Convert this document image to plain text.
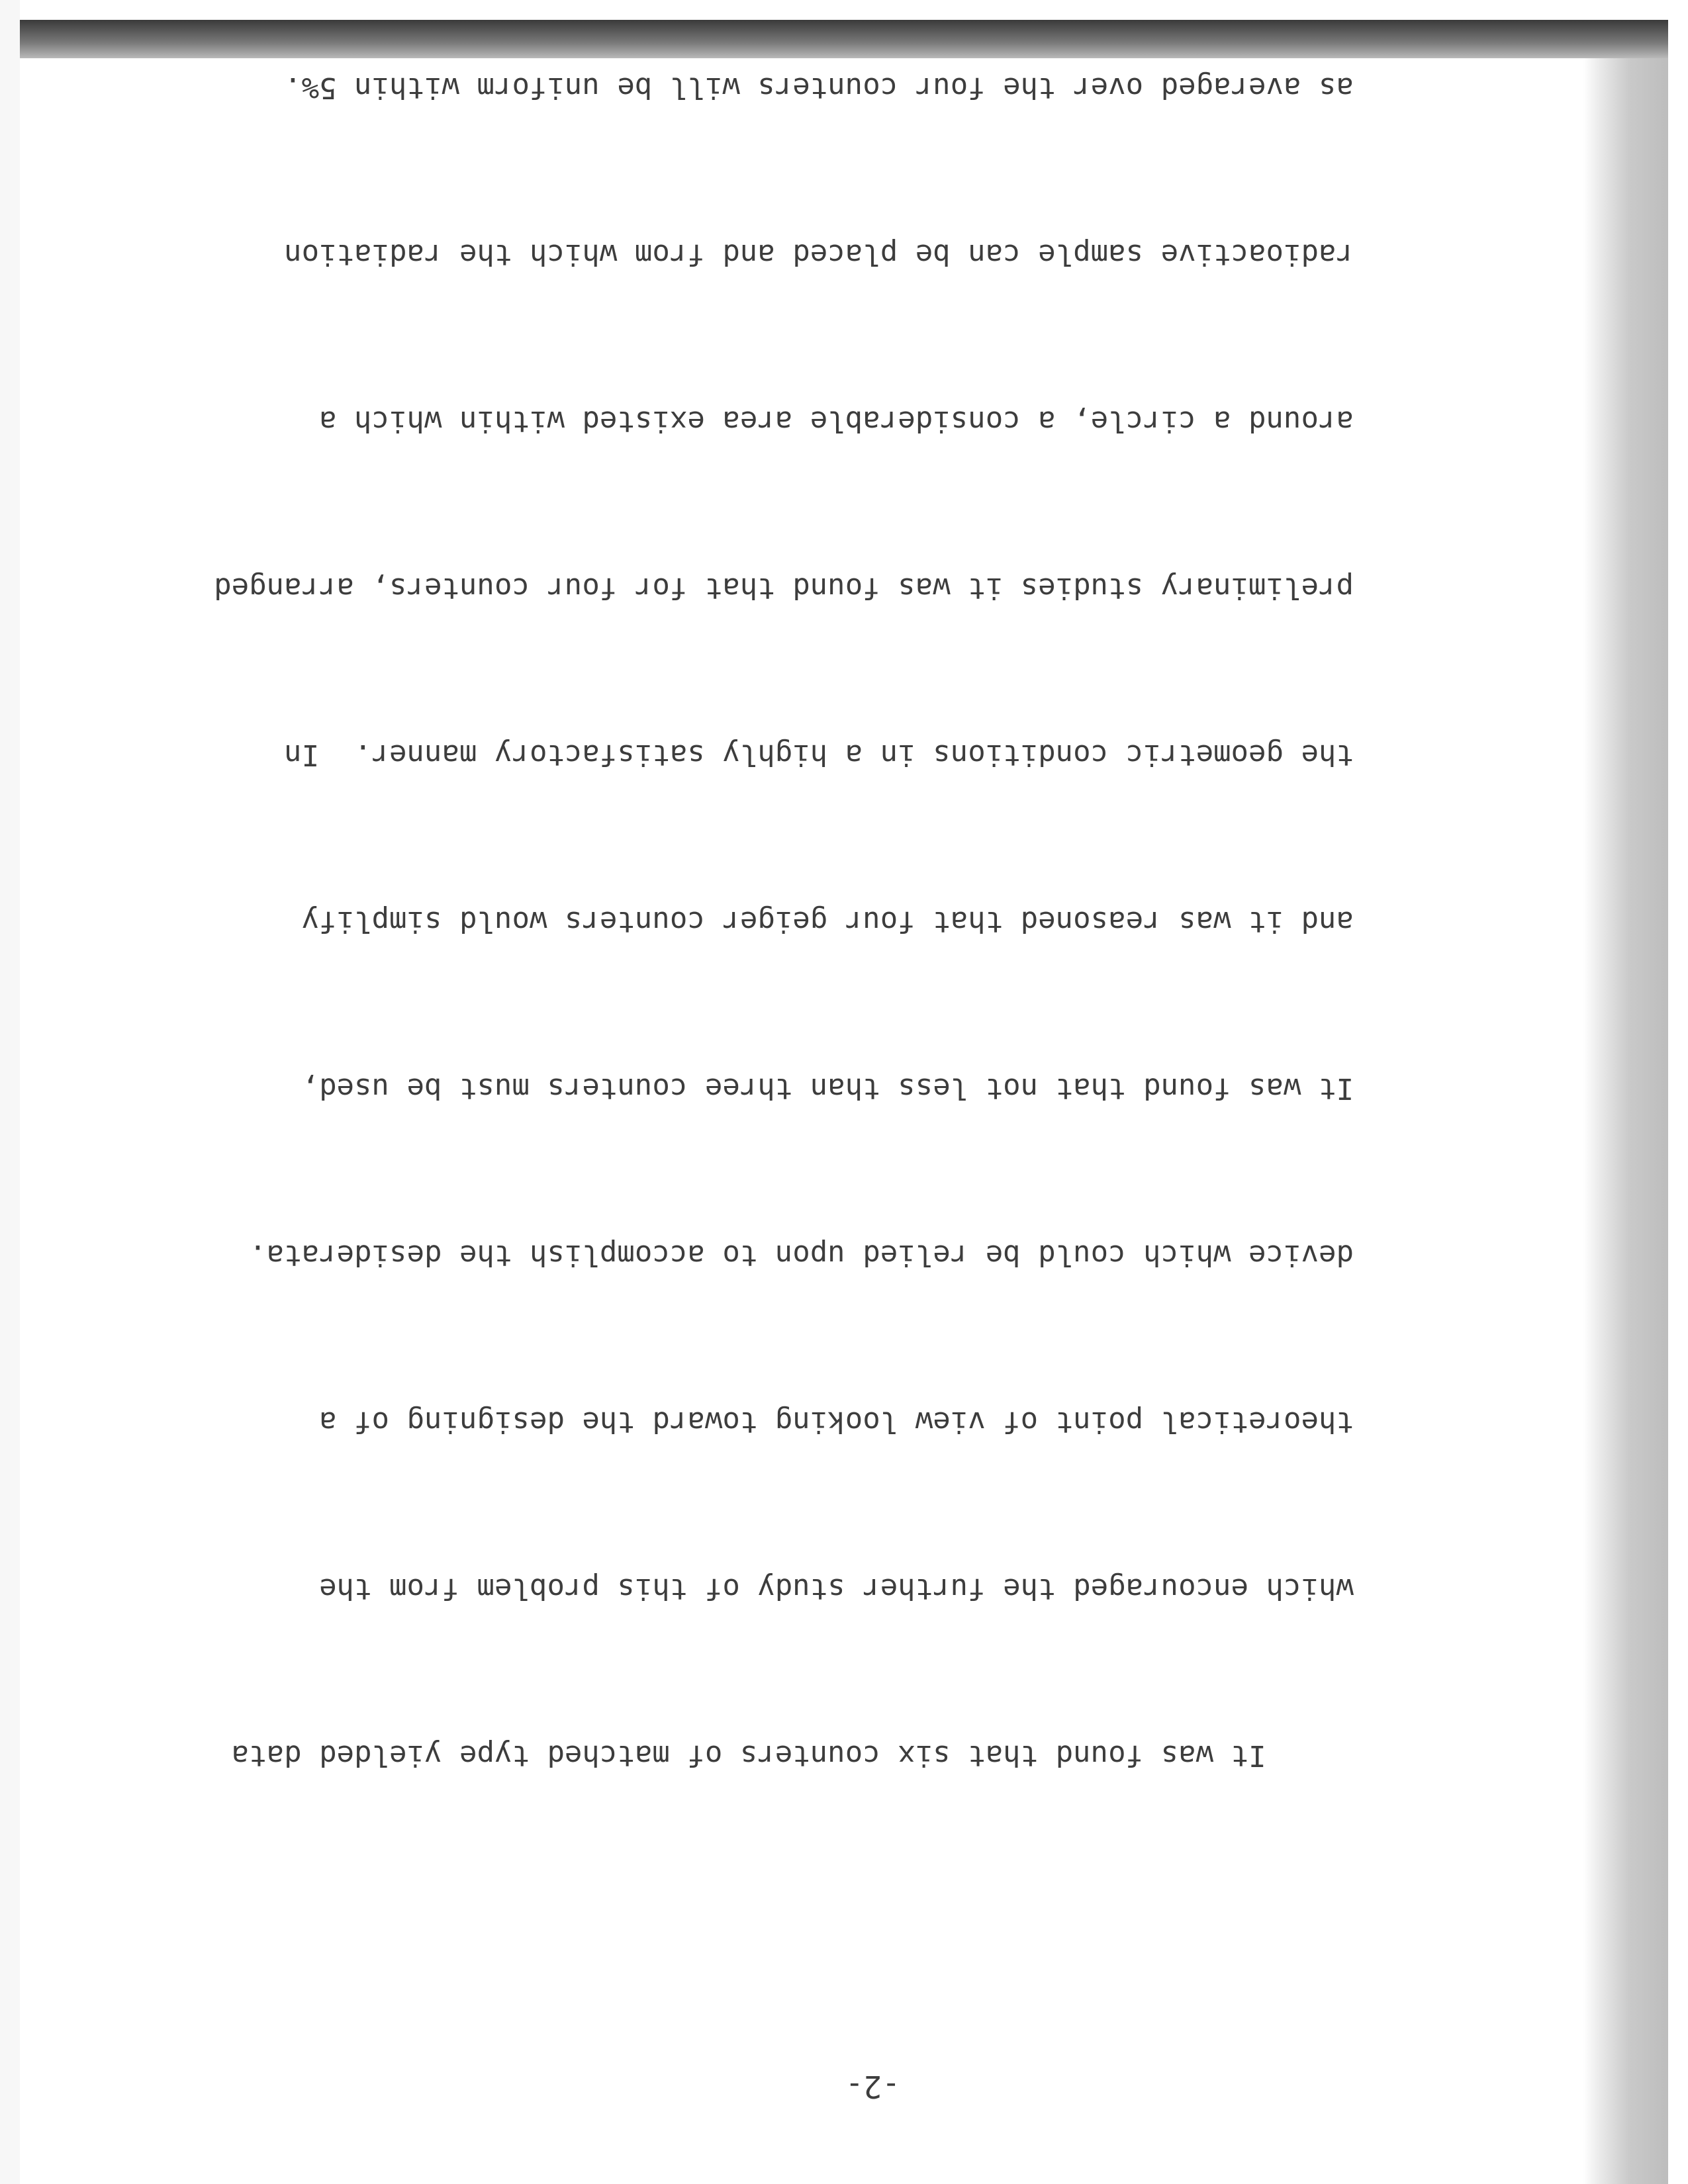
-2-

It was found that six counters of matched type yielded data

which encouraged the further study of this problem from the

theoretical point of view looking toward the designing of a

device which could be relied upon to accomplish the desiderata.

It was found that not less than three counters must be used,

and it was reasoned that four geiger counters would simplify

the geometric conditions in a highly satisfactory manner.  In

preliminary studies it was found that for four counters, arranged

around a circle, a considerable area existed within which a

radioactive sample can be placed and from which the radiation

as averaged over the four counters will be uniform within 5%.
